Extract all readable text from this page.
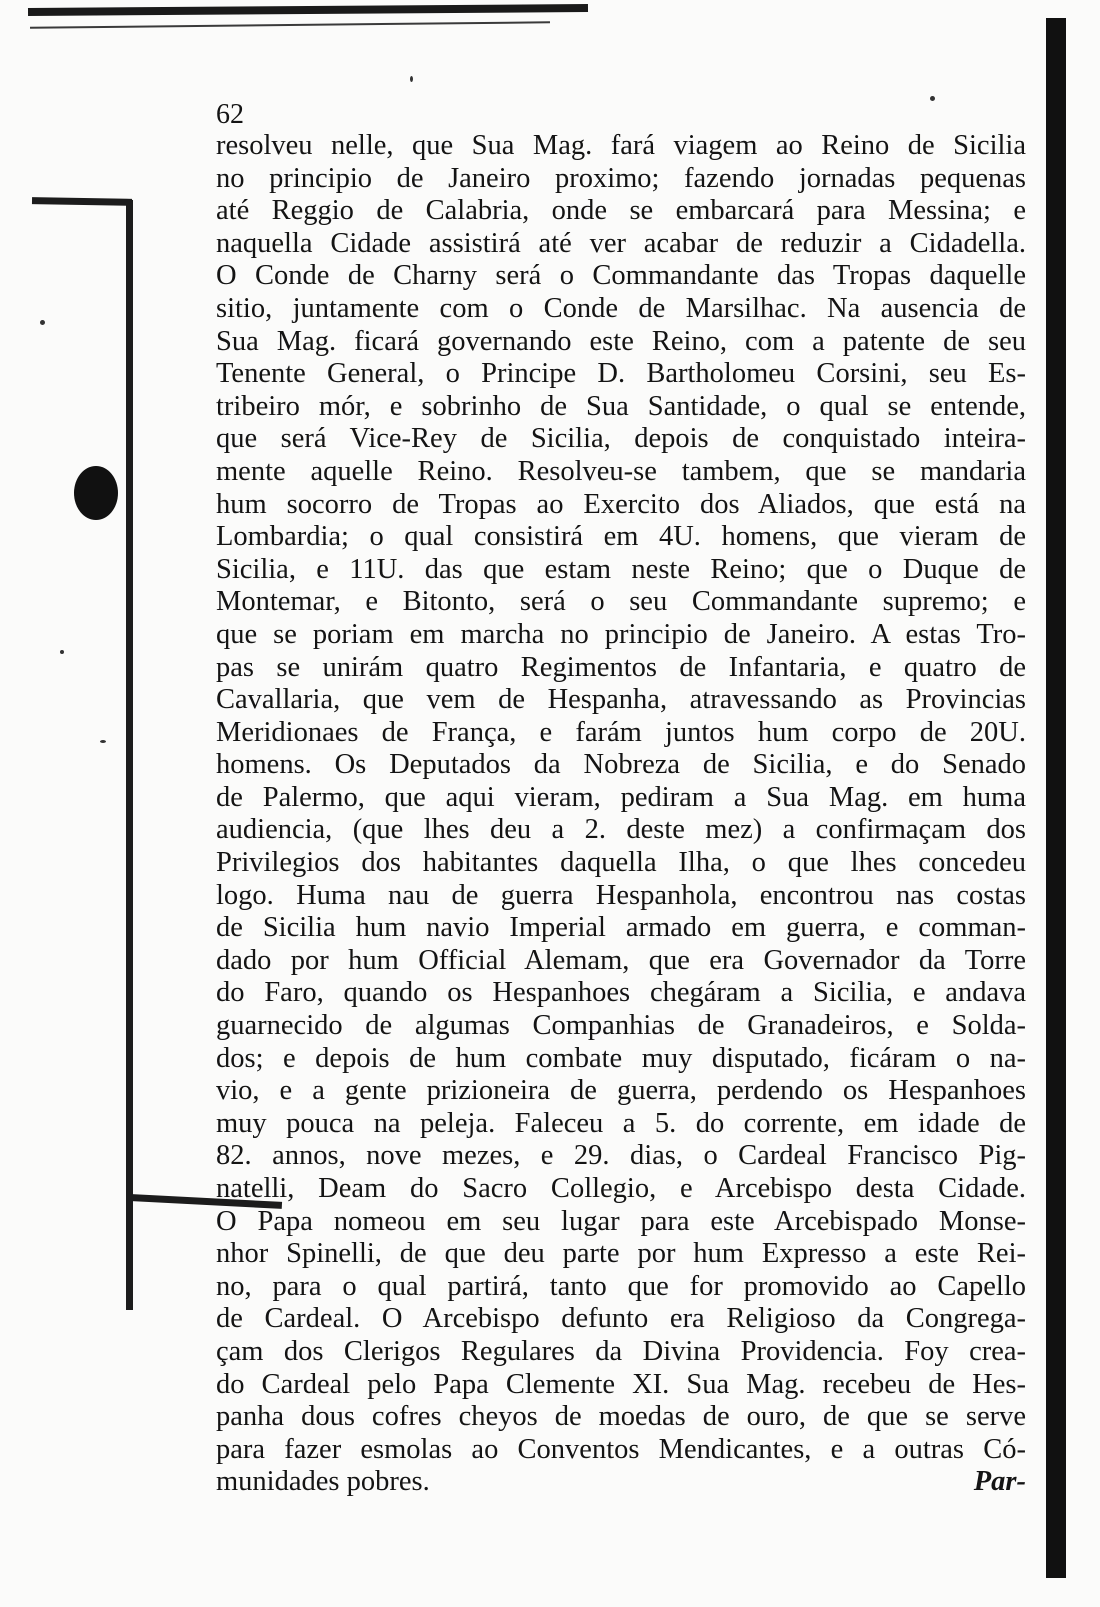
62
resolveu nelle, que Sua Mag. fará viagem ao Reino de Sicilia
no principio de Janeiro proximo; fazendo jornadas pequenas
até Reggio de Calabria, onde se embarcará para Messina; e
naquella Cidade assistirá até ver acabar de reduzir a Cidadella.
O Conde de Charny será o Commandante das Tropas daquelle
sitio, juntamente com o Conde de Marsilhac. Na ausencia de
Sua Mag. ficará governando este Reino, com a patente de seu
Tenente General, o Principe D. Bartholomeu Corsini, seu Es-
tribeiro mór, e sobrinho de Sua Santidade, o qual se entende,
que será Vice-Rey de Sicilia, depois de conquistado inteira-
mente aquelle Reino. Resolveu-se tambem, que se mandaria
hum socorro de Tropas ao Exercito dos Aliados, que está na
Lombardia; o qual consistirá em 4U. homens, que vieram de
Sicilia, e 11U. das que estam neste Reino; que o Duque de
Montemar, e Bitonto, será o seu Commandante supremo; e
que se poriam em marcha no principio de Janeiro. A estas Tro-
pas se unirám quatro Regimentos de Infantaria, e quatro de
Cavallaria, que vem de Hespanha, atravessando as Provincias
Meridionaes de França, e farám juntos hum corpo de 20U.
homens. Os Deputados da Nobreza de Sicilia, e do Senado
de Palermo, que aqui vieram, pediram a Sua Mag. em huma
audiencia, (que lhes deu a 2. deste mez) a confirmaçam dos
Privilegios dos habitantes daquella Ilha, o que lhes concedeu
logo. Huma nau de guerra Hespanhola, encontrou nas costas
de Sicilia hum navio Imperial armado em guerra, e comman-
dado por hum Official Alemam, que era Governador da Torre
do Faro, quando os Hespanhoes chegáram a Sicilia, e andava
guarnecido de algumas Companhias de Granadeiros, e Solda-
dos; e depois de hum combate muy disputado, ficáram o na-
vio, e a gente prizioneira de guerra, perdendo os Hespanhoes
muy pouca na peleja. Faleceu a 5. do corrente, em idade de
82. annos, nove mezes, e 29. dias, o Cardeal Francisco Pig-
natelli, Deam do Sacro Collegio, e Arcebispo desta Cidade.
O Papa nomeou em seu lugar para este Arcebispado Monse-
nhor Spinelli, de que deu parte por hum Expresso a este Rei-
no, para o qual partirá, tanto que for promovido ao Capello
de Cardeal. O Arcebispo defunto era Religioso da Congrega-
çam dos Clerigos Regulares da Divina Providencia. Foy crea-
do Cardeal pelo Papa Clemente XI. Sua Mag. recebeu de Hes-
panha dous cofres cheyos de moedas de ouro, de que se serve
para fazer esmolas ao Conventos Mendicantes, e a outras Có-
munidades pobres.	Par-
